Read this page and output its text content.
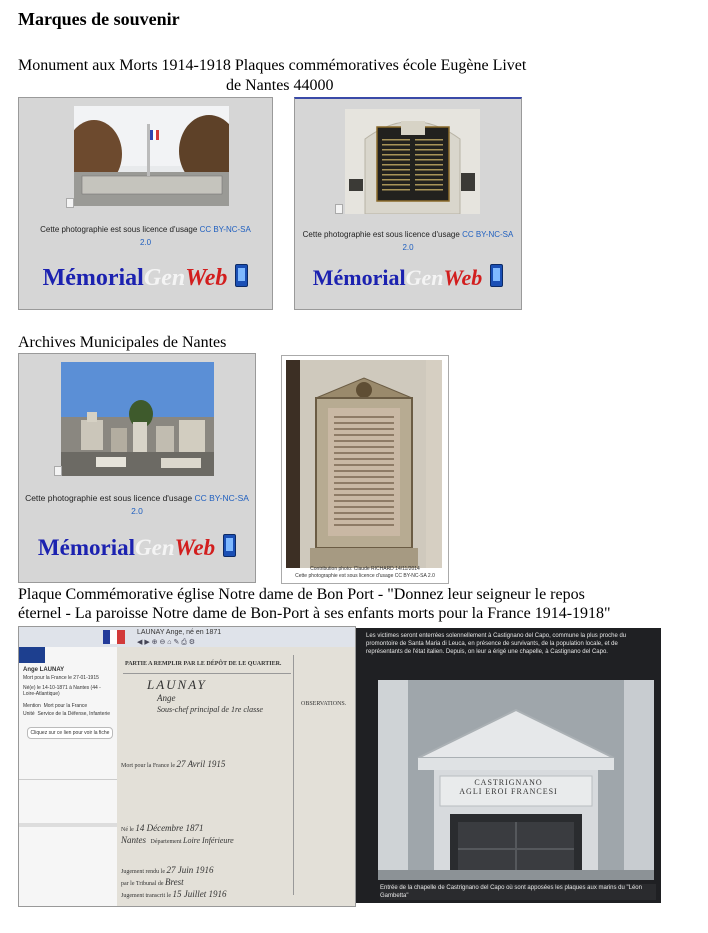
Marques de souvenir
Monument aux Morts 1914-1918 Plaques commémoratives école Eugène Livet
de Nantes 44000
Cette photographie est sous licence d'usage CC BY-NC-SA
2.0
MémorialGenWeb
Cette photographie est sous licence d'usage CC BY-NC-SA
2.0
MémorialGenWeb
Archives Municipales de Nantes
Cette photographie est sous licence d'usage CC BY-NC-SA
2.0
MémorialGenWeb
Contribution photo: Claude RICHARD 14/11/2014
Cette photographie est sous licence d'usage CC BY-NC-SA 2.0
Plaque Commémorative église Notre dame de Bon Port - "Donnez leur seigneur le repos
éternel - La paroisse Notre dame de Bon-Port à ses enfants morts pour la France 1914-1918"
LAUNAY Ange, né en 1871
◀ ▶ ⊕ ⊖ ⌂ ✎ ⎙ ⚙
Ange LAUNAY
Mort pour la France le 27-01-1915
Né(e) le 14-10-1871 à Nantes (44 - Loire-Atlantique)
Mention Mort pour la France
Unité Service de la Défense, Infanterie
Cliquez sur ce lien pour voir la fiche
PARTIE A REMPLIR PAR LE DÉPÔT DE LE QUARTIER.
OBSERVATIONS.
LAUNAY
Ange
Sous-chef principal de 1re classe
Mort pour la France le 27 Avril 1915
Né le 14 Décembre 1871
Nantes Département Loire Inférieure
Jugement rendu le 27 Juin 1916
par le Tribunal de Brest
Jugement transcrit le 15 Juillet 1916
Les victimes seront enterrées solennellement à Castignano del Capo, commune la plus proche du promontoire de Santa Maria di Leuca, en présence de survivants, de la population locale, et de représentants de l'état italien. Depuis, on leur a érigé une chapelle, à Castignano del Capo.
CASTRIGNANO
AGLI EROI FRANCESI
Entrée de la chapelle de Castrignano del Capo où sont apposées les plaques aux marins du "Léon Gambetta"
